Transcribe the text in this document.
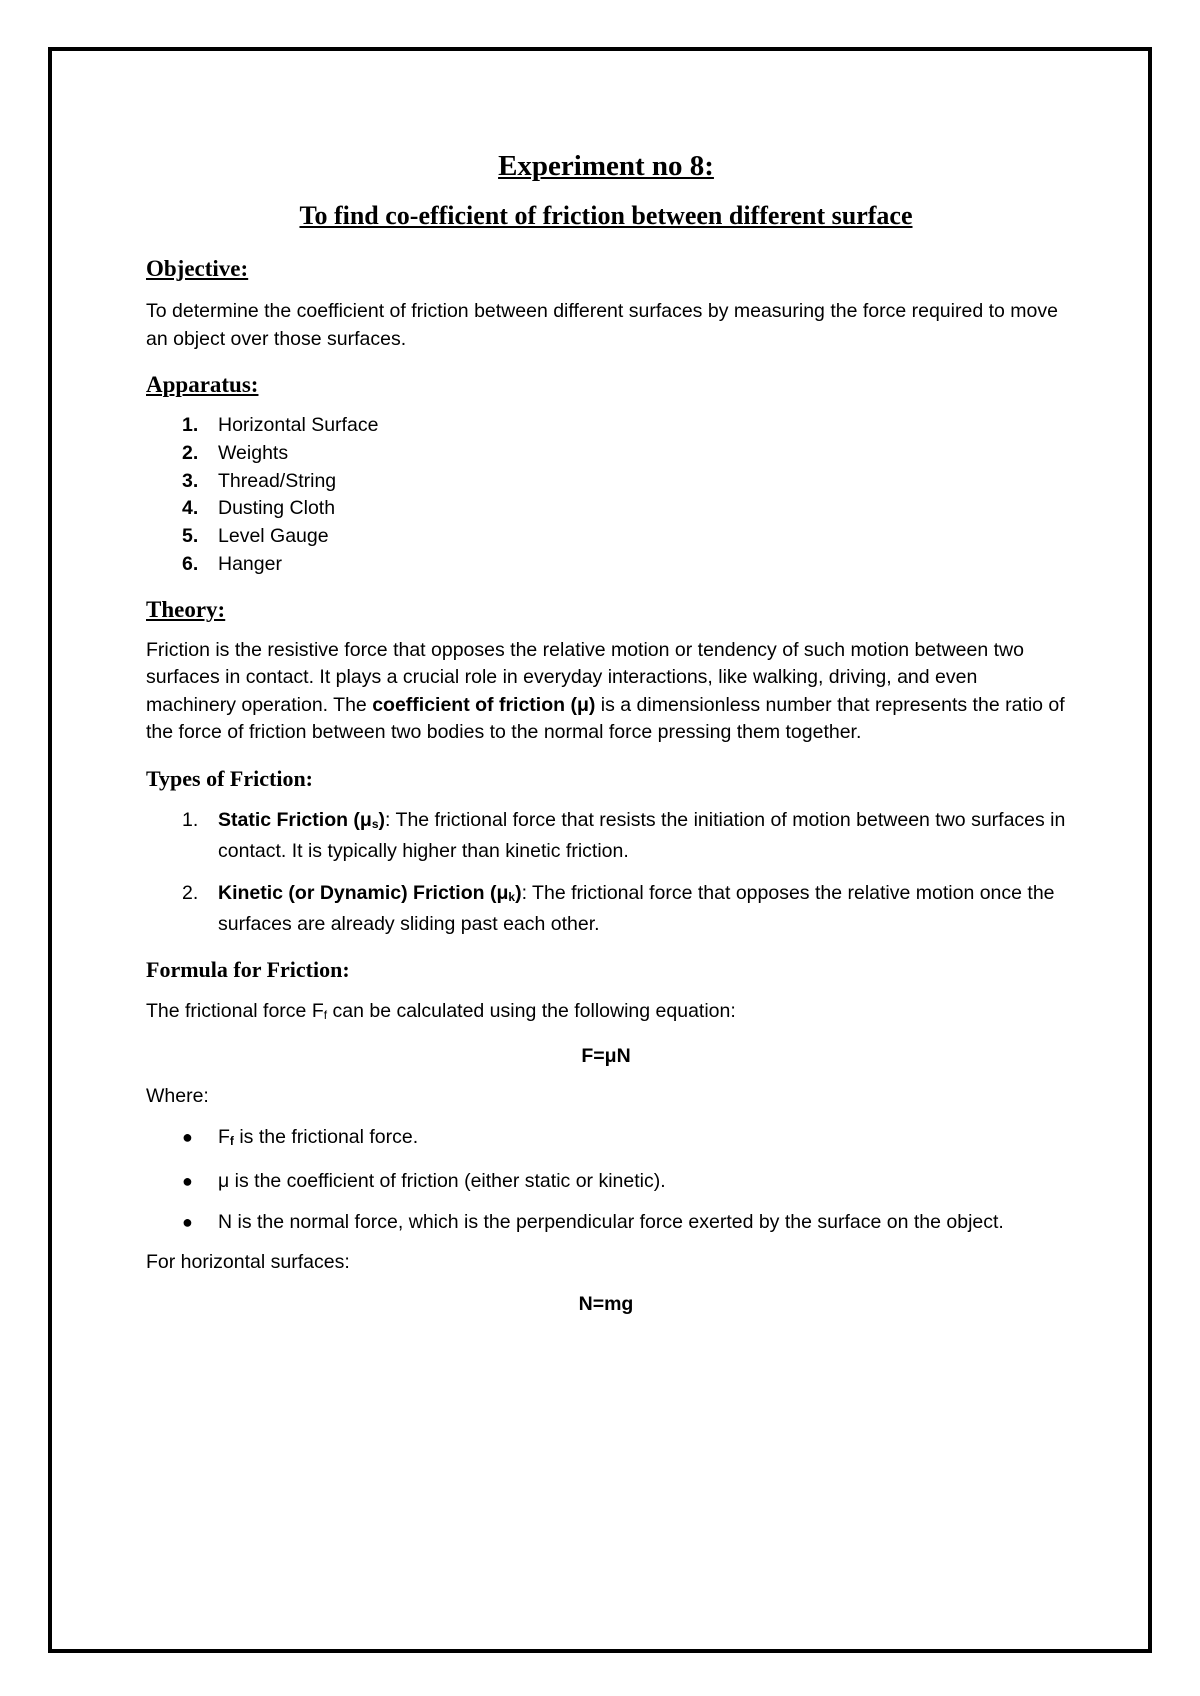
Experiment no 8:
To find co-efficient of friction between different surface
Objective:

To determine the coefficient of friction between different surfaces by measuring the force required to move an object over those surfaces.

Apparatus:
1.	Horizontal Surface
2.	Weights
3.	Thread/String
4.	Dusting Cloth
5.	Level Gauge
6.	Hanger
Theory:

Friction is the resistive force that opposes the relative motion or tendency of such motion between two surfaces in contact. It plays a crucial role in everyday interactions, like walking, driving, and even machinery operation. The coefficient of friction (μ) is a dimensionless number that represents the ratio of the force of friction between two bodies to the normal force pressing them together.

Types of Friction:
1.	Static Friction $(\mu_s)$: The frictional force that resists the initiation of motion between two surfaces in contact. It is typically higher than kinetic friction.
2.	Kinetic (or Dynamic) Friction $(\mu_k)$: The frictional force that opposes the relative motion once the surfaces are already sliding past each other.
Formula for Friction:

The frictional force $F_f$ can be calculated using the following equation:

F=μN

Where:

●	$F_f$ is the frictional force.
●	μ is the coefficient of friction (either static or kinetic).
●	N is the normal force, which is the perpendicular force exerted by the surface on the object.

For horizontal surfaces:

N=mg
